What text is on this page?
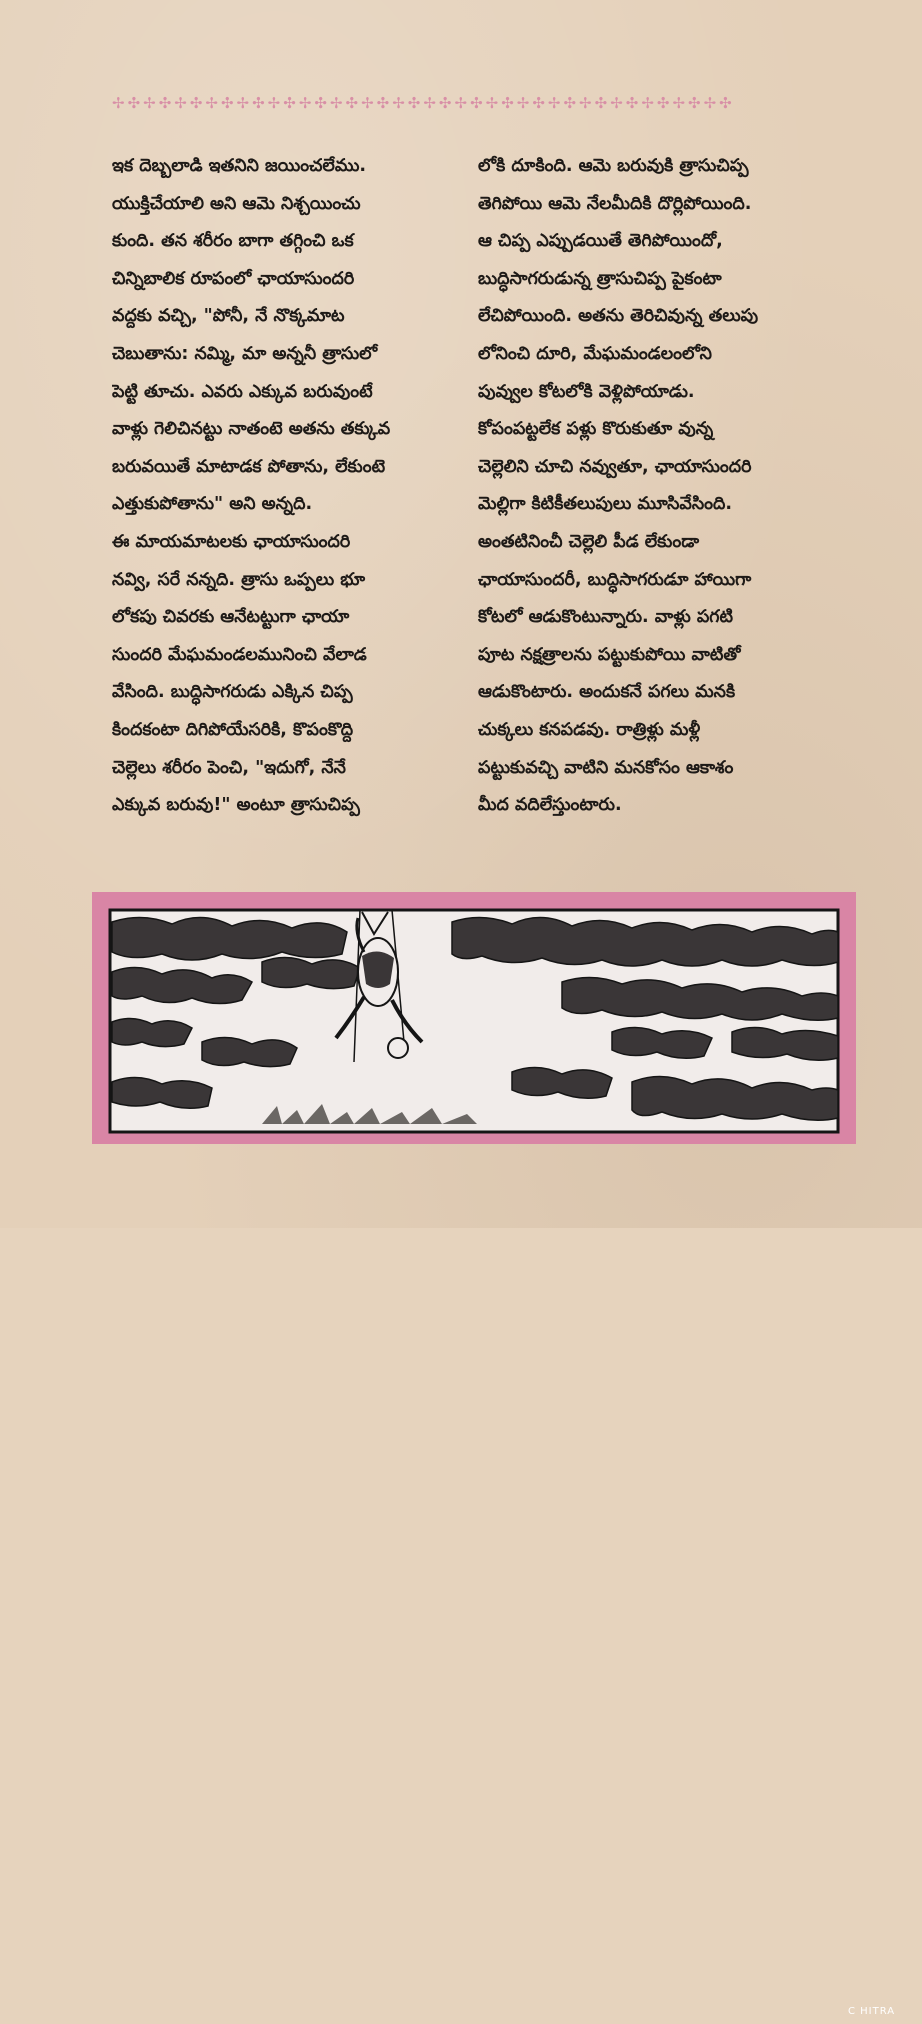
✢✣✢✣✢✣✢✣✢✣✢✣✢✣✢✣✢✣✢✣✢✣✢✣✢✣✢✣✢✣✢✣✢✣✢✣✢✣✢✣
ఇక దెబ్బలాడి ఇతనిని జయించలేము.
యుక్తిచేయాలి అని ఆమె నిశ్చయించు
కుంది. తన శరీరం బాగా తగ్గించి ఒక
చిన్నిబాలిక రూపంలో ఛాయాసుందరి
వద్దకు వచ్చి, "పోనీ, నే నొక్కమాట
చెబుతాను: నమ్మి, మా అన్ననీ త్రాసులో
పెట్టి తూచు. ఎవరు ఎక్కువ బరువుంటే
వాళ్లు గెలిచినట్టు నాతంటె అతను తక్కువ
బరువయితే మాటాడక పోతాను, లేకుంటె
ఎత్తుకుపోతాను" అని అన్నది.
ఈ మాయమాటలకు ఛాయాసుందరి
నవ్వి, సరే నన్నది. త్రాసు ఒప్పలు భూ
లోకపు చివరకు ఆనేటట్టుగా ఛాయా
సుందరి మేఘమండలమునించి వేలాడ
వేసింది. బుద్ధిసాగరుడు ఎక్కిన చిప్ప
కిందకంటా దిగిపోయేసరికి, కొపంకొద్ది
చెల్లెలు శరీరం పెంచి, "ఇదుగో, నేనే
ఎక్కువ బరువు!" అంటూ త్రాసుచిప్ప
లోకి దూకింది. ఆమె బరువుకి త్రాసుచిప్ప
తెగిపోయి ఆమె నేలమీదికి దొర్లిపోయింది.
ఆ చిప్ప ఎప్పుడయితే తెగిపోయిందో,
బుద్ధిసాగరుడున్న త్రాసుచిప్ప పైకంటా
లేచిపోయింది. అతను తెరిచివున్న తలుపు
లోనించి దూరి, మేఘమండలంలోని
పువ్వుల కోటలోకి వెళ్లిపోయాడు.
కోపంపట్టలేక పళ్లు కొరుకుతూ వున్న
చెల్లెలిని చూచి నవ్వుతూ, ఛాయాసుందరి
మెల్లిగా కిటికీతలుపులు మూసివేసింది.
అంతటినించీ చెల్లెలి పీడ లేకుండా
ఛాయాసుందరీ, బుద్ధిసాగరుడూ హాయిగా
కోటలో ఆడుకొంటున్నారు. వాళ్లు పగటి
పూట నక్షత్రాలను పట్టుకుపోయి వాటితో
ఆడుకొంటారు. అందుకనే పగలు మనకి
చుక్కలు కనపడవు. రాత్రిళ్లు మళ్లీ
పట్టుకువచ్చి వాటిని మనకోసం ఆకాశం
మీద వదిలేస్తుంటారు.
C HITRA
